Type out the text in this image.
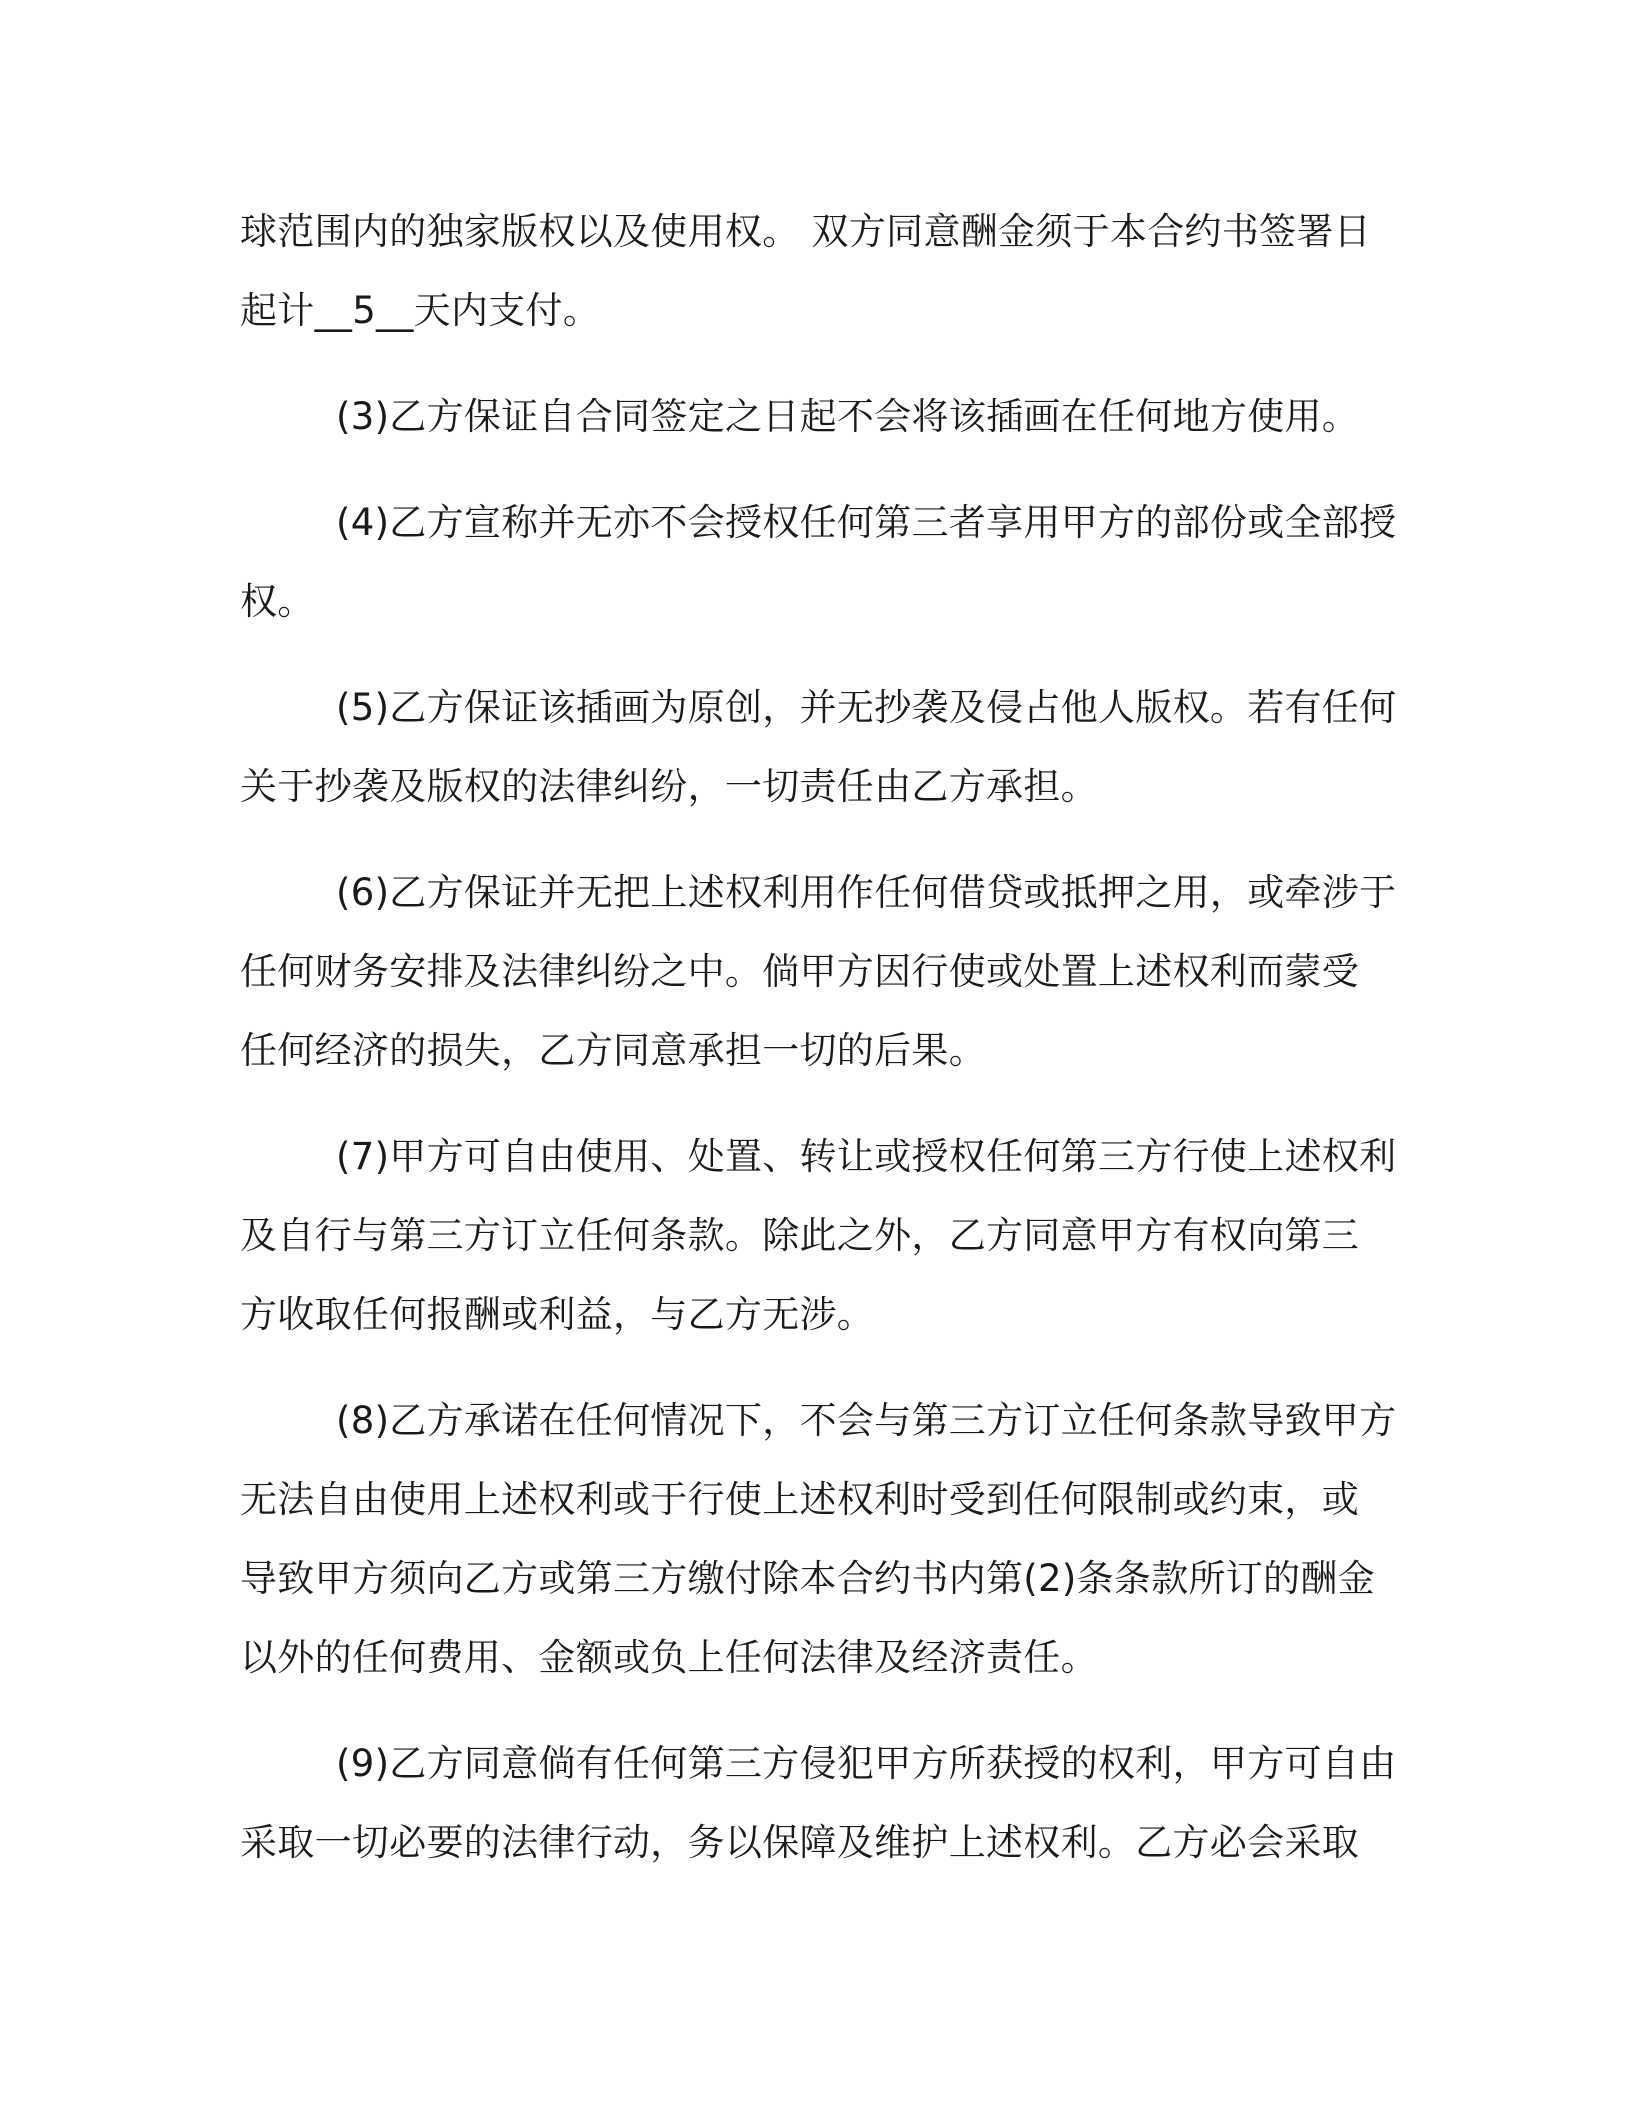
球范围内的独家版权以及使用权。 双方同意酬金须于本合约书签署日
起计__5__天内支付。
(3)乙方保证自合同签定之日起不会将该插画在任何地方使用。
(4)乙方宣称并无亦不会授权任何第三者享用甲方的部份或全部授
权。
(5)乙方保证该插画为原创，并无抄袭及侵占他人版权。若有任何
关于抄袭及版权的法律纠纷，一切责任由乙方承担。
(6)乙方保证并无把上述权利用作任何借贷或抵押之用，或牵涉于
任何财务安排及法律纠纷之中。倘甲方因行使或处置上述权利而蒙受
任何经济的损失，乙方同意承担一切的后果。
(7)甲方可自由使用、处置、转让或授权任何第三方行使上述权利
及自行与第三方订立任何条款。除此之外，乙方同意甲方有权向第三
方收取任何报酬或利益，与乙方无涉。
(8)乙方承诺在任何情况下，不会与第三方订立任何条款导致甲方
无法自由使用上述权利或于行使上述权利时受到任何限制或约束，或
导致甲方须向乙方或第三方缴付除本合约书内第(2)条条款所订的酬金
以外的任何费用、金额或负上任何法律及经济责任。
(9)乙方同意倘有任何第三方侵犯甲方所获授的权利，甲方可自由
采取一切必要的法律行动，务以保障及维护上述权利。乙方必会采取
